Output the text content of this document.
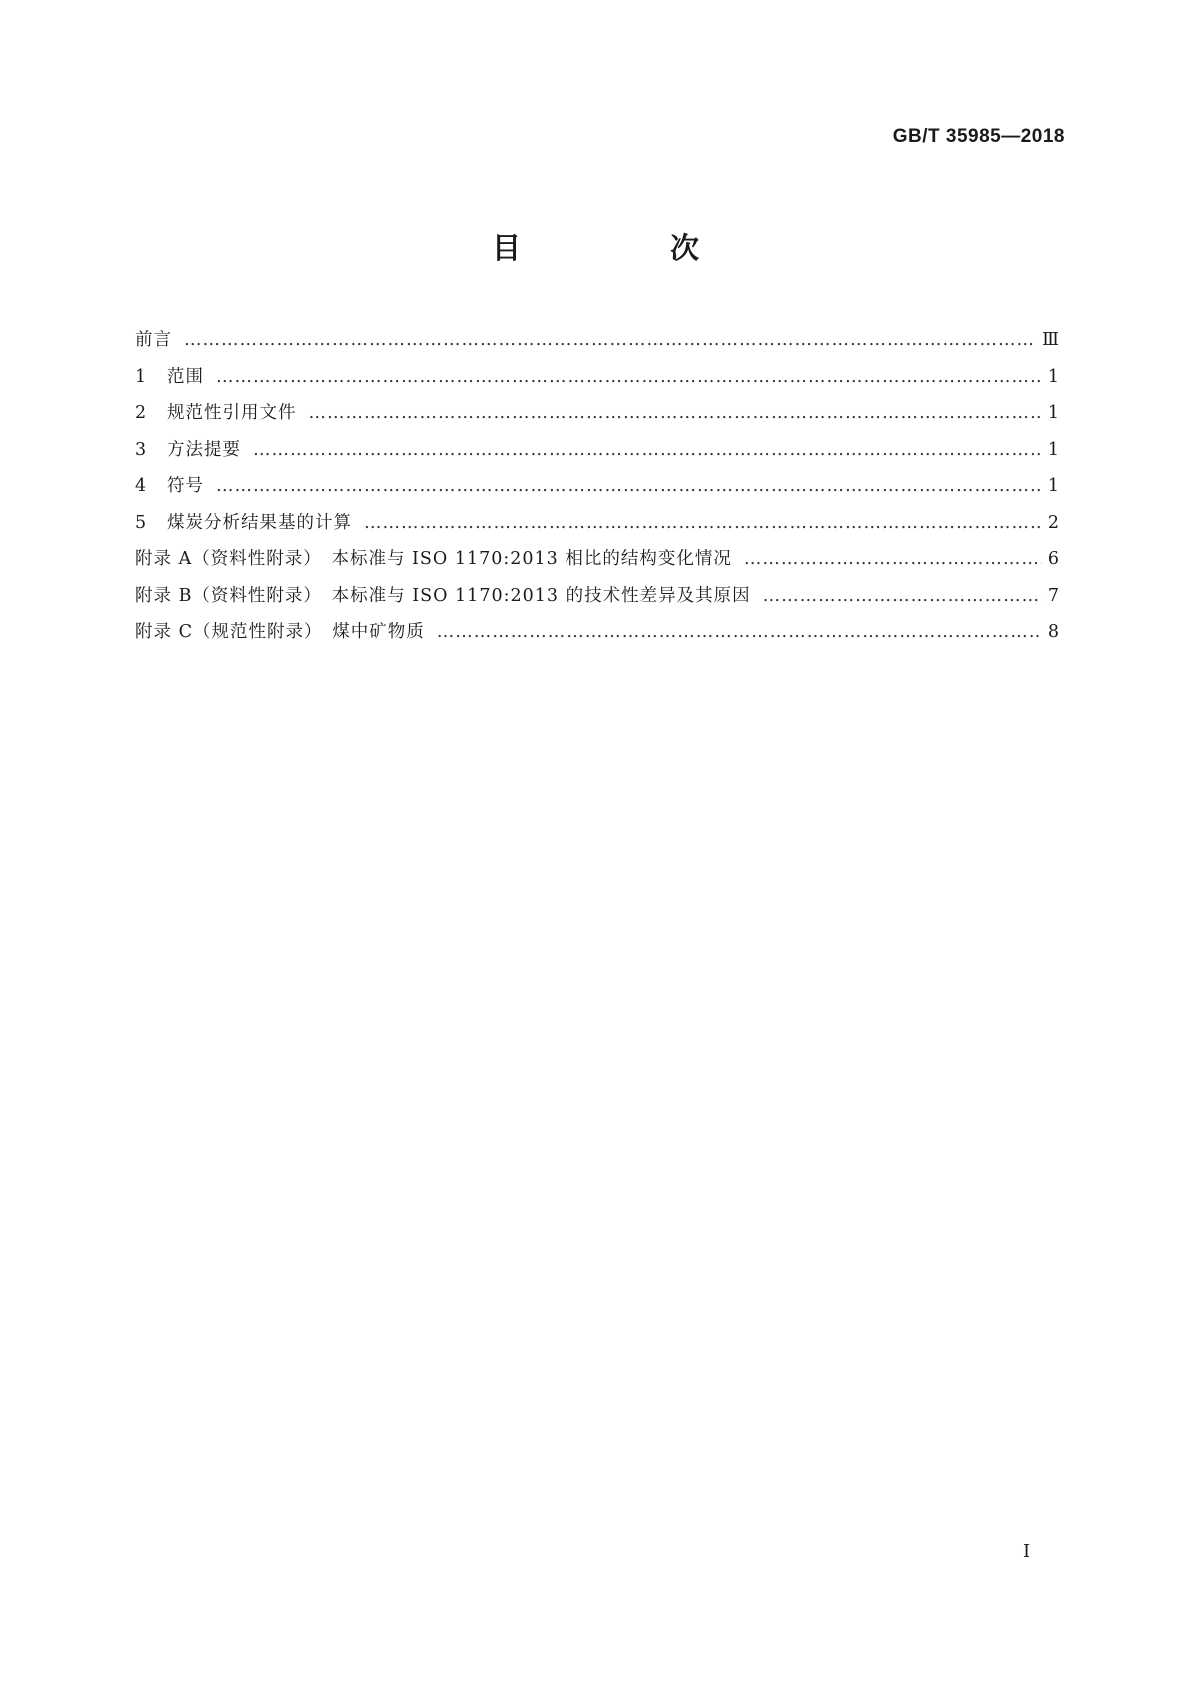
GB/T 35985—2018
目　次
前言 …………………………………………………………………………………………………………………………………………………………………………………………………………	Ⅲ
1	范围 …………………………………………………………………………………………………………………………………………………………………………………………………………	1
2	规范性引用文件 …………………………………………………………………………………………………………………………………………………………………………………………………………	1
3	方法提要 …………………………………………………………………………………………………………………………………………………………………………………………………………	1
4	符号 …………………………………………………………………………………………………………………………………………………………………………………………………………	1
5	煤炭分析结果基的计算 …………………………………………………………………………………………………………………………………………………………………………………………………………	2
附录 A（资料性附录）　本标准与 ISO 1170:2013 相比的结构变化情况 …………………………………………………………………………………………………………………………………………………………………………………………………………	6
附录 B（资料性附录）　本标准与 ISO 1170:2013 的技术性差异及其原因 …………………………………………………………………………………………………………………………………………………………………………………………………………	7
附录 C（规范性附录）　煤中矿物质 …………………………………………………………………………………………………………………………………………………………………………………………………………	8
I
